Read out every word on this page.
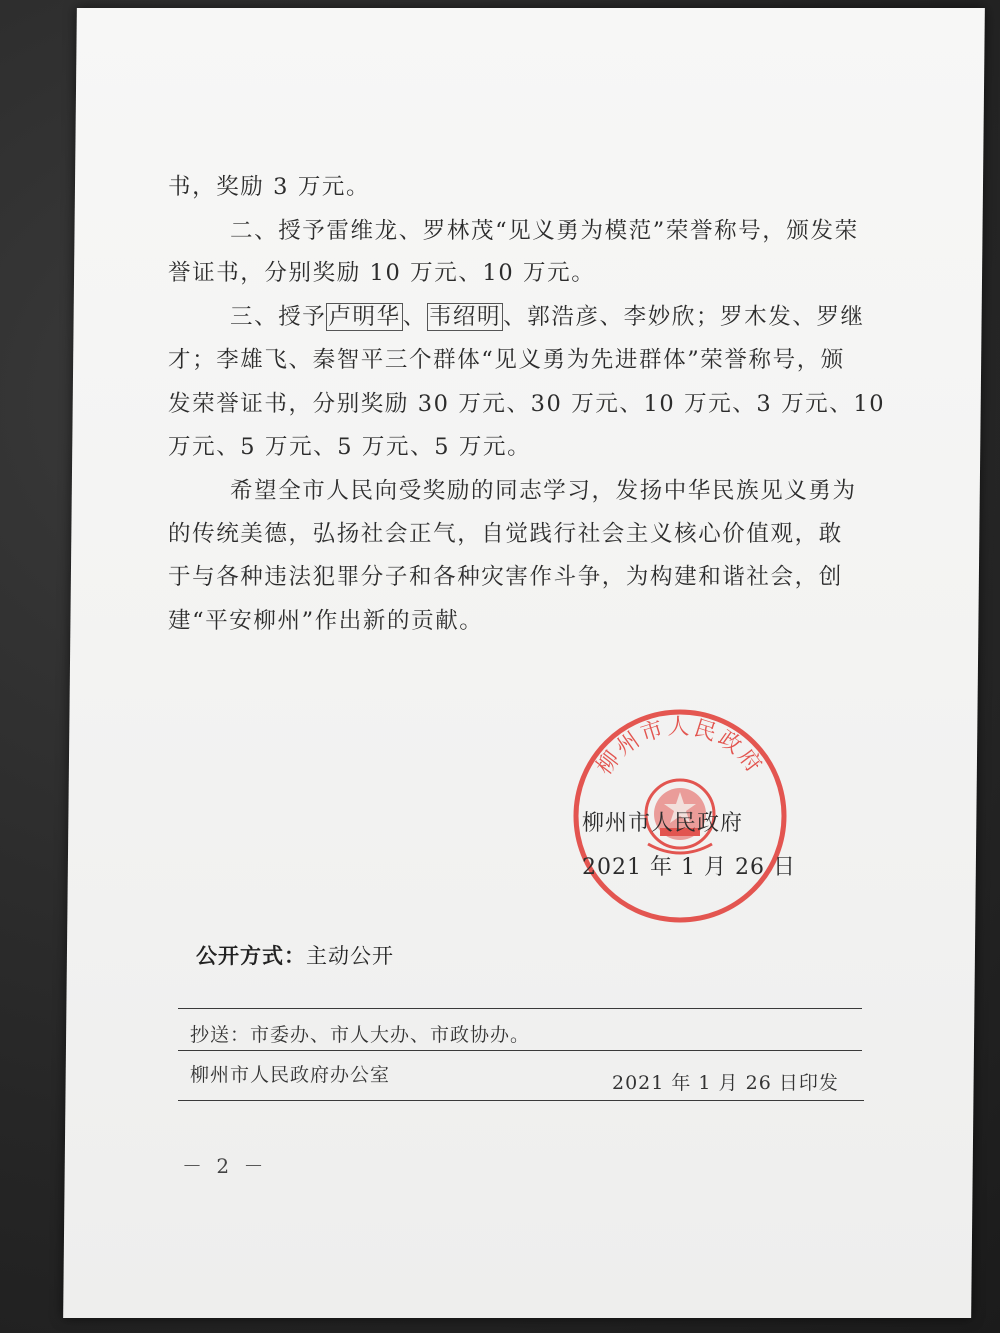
书，奖励 3 万元。
二、授予雷维龙、罗林茂“见义勇为模范”荣誉称号，颁发荣
誉证书，分别奖励 10 万元、10 万元。
三、授予卢明华、韦绍明、郭浩彦、李妙欣；罗木发、罗继
才；李雄飞、秦智平三个群体“见义勇为先进群体”荣誉称号，颁
发荣誉证书，分别奖励 30 万元、30 万元、10 万元、3 万元、10
万元、5 万元、5 万元、5 万元。
希望全市人民向受奖励的同志学习，发扬中华民族见义勇为
的传统美德，弘扬社会正气，自觉践行社会主义核心价值观，敢
于与各种违法犯罪分子和各种灾害作斗争，为构建和谐社会，创
建“平安柳州”作出新的贡献。
柳州市人民政府
柳州市人民政府
2021 年 1 月 26 日
公开方式：主动公开
抄送：市委办、市人大办、市政协办。
柳州市人民政府办公室	2021 年 1 月 26 日印发
－ 2 －
